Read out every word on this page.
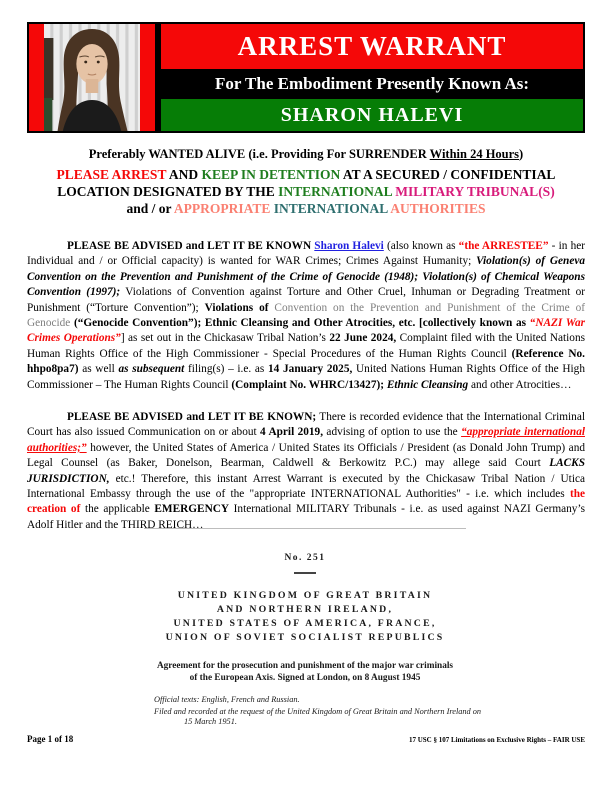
ARREST WARRANT
For The Embodiment Presently Known As:
SHARON HALEVI
Preferably WANTED ALIVE (i.e. Providing For SURRENDER Within 24 Hours)
PLEASE ARREST AND KEEP IN DETENTION AT A SECURED / CONFIDENTIAL
LOCATION DESIGNATED BY THE INTERNATIONAL MILITARY TRIBUNAL(S)
and / or APPROPRIATE INTERNATIONAL AUTHORITIES
PLEASE BE ADVISED and LET IT BE KNOWN Sharon Halevi (also known as “the ARRESTEE” - in her Individual and / or Official capacity) is wanted for WAR Crimes; Crimes Against Humanity; Violation(s) of Geneva Convention on the Prevention and Punishment of the Crime of Genocide (1948); Violation(s) of Chemical Weapons Convention (1997); Violations of Convention against Torture and Other Cruel, Inhuman or Degrading Treatment or Punishment (“Torture Convention”); Violations of Convention on the Prevention and Punishment of the Crime of Genocide (“Genocide Convention”); Ethnic Cleansing and Other Atrocities, etc. [collectively known as “NAZI War Crimes Operations”] as set out in the Chickasaw Tribal Nation’s 22 June 2024, Complaint filed with the United Nations Human Rights Office of the High Commissioner - Special Procedures of the Human Rights Council (Reference No. hhpo8pa7) as well as subsequent filing(s) – i.e. as 14 January 2025, United Nations Human Rights Office of the High Commissioner – The Human Rights Council (Complaint No. WHRC/13427); Ethnic Cleansing and other Atrocities…
PLEASE BE ADVISED and LET IT BE KNOWN; There is recorded evidence that the International Criminal Court has also issued Communication on or about 4 April 2019, advising of option to use the “appropriate international authorities;” however, the United States of America / United States its Officials / President (as Donald John Trump) and Legal Counsel (as Baker, Donelson, Bearman, Caldwell & Berkowitz P.C.) may allege said Court LACKS JURISDICTION, etc.! Therefore, this instant Arrest Warrant is executed by the Chickasaw Tribal Nation / Utica International Embassy through the use of the "appropriate INTERNATIONAL Authorities" - i.e. which includes the creation of the applicable EMERGENCY International MILITARY Tribunals - i.e. as used against NAZI Germany’s Adolf Hitler and the THIRD REICH…
No. 251
UNITED KINGDOM OF GREAT BRITAIN
AND NORTHERN IRELAND,
UNITED STATES OF AMERICA, FRANCE,
UNION OF SOVIET SOCIALIST REPUBLICS
Agreement for the prosecution and punishment of the major war criminals of the European Axis. Signed at London, on 8 August 1945
Official texts: English, French and Russian.
Filed and recorded at the request of the United Kingdom of Great Britain and Northern Ireland on 15 March 1951.
Page 1 of 18	17 USC § 107 Limitations on Exclusive Rights – FAIR USE
